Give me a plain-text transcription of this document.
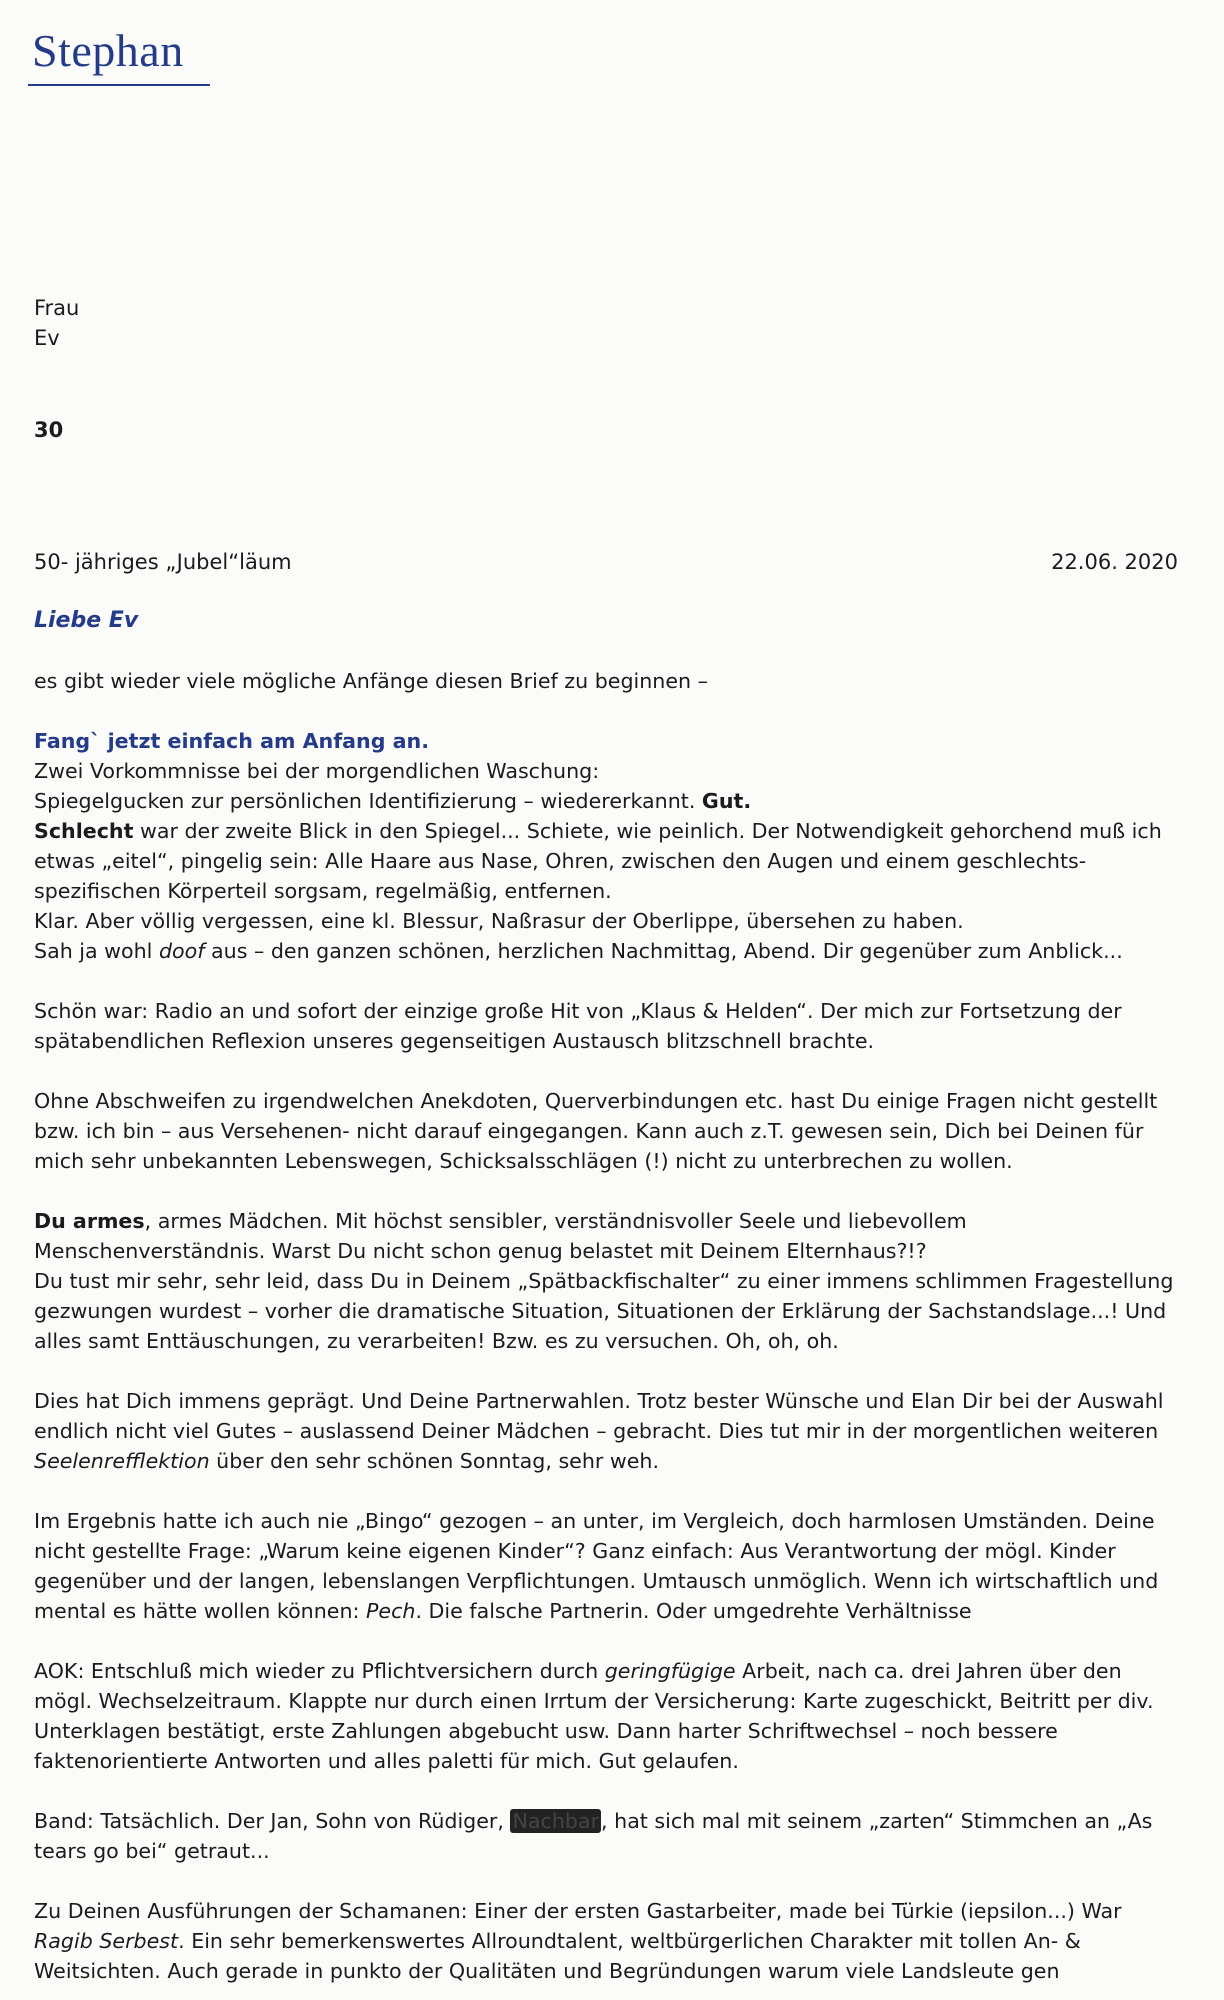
Stephan
Frau
Ev
30
50- jähriges „Jubel“läum	22.06. 2020
Liebe Ev
es gibt wieder viele mögliche Anfänge diesen Brief zu beginnen –
Fang` jetzt einfach am Anfang an.
Zwei Vorkommnisse bei der morgendlichen Waschung:
Spiegelgucken zur persönlichen Identifizierung – wiedererkannt. Gut.
Schlecht war der zweite Blick in den Spiegel... Schiete, wie peinlich. Der Notwendigkeit gehorchend muß ich etwas „eitel“, pingelig sein: Alle Haare aus Nase, Ohren, zwischen den Augen und einem geschlechts-spezifischen Körperteil sorgsam, regelmäßig, entfernen.
Klar. Aber völlig vergessen, eine kl. Blessur, Naßrasur der Oberlippe, übersehen zu haben.
Sah ja wohl doof aus – den ganzen schönen, herzlichen Nachmittag, Abend. Dir gegenüber zum Anblick...
Schön war: Radio an und sofort der einzige große Hit von „Klaus & Helden“. Der mich zur Fortsetzung der spätabendlichen Reflexion unseres gegenseitigen Austausch blitzschnell brachte.
Ohne Abschweifen zu irgendwelchen Anekdoten, Querverbindungen etc. hast Du einige Fragen nicht gestellt bzw. ich bin – aus Versehenen- nicht darauf eingegangen. Kann auch z.T. gewesen sein, Dich bei Deinen für mich sehr unbekannten Lebenswegen, Schicksalsschlägen (!) nicht zu unterbrechen zu wollen.
Du armes, armes Mädchen. Mit höchst sensibler, verständnisvoller Seele und liebevollem Menschenverständnis. Warst Du nicht schon genug belastet mit Deinem Elternhaus?!?
Du tust mir sehr, sehr leid, dass Du in Deinem „Spätbackfischalter“ zu einer immens schlimmen Fragestellung gezwungen wurdest – vorher die dramatische Situation, Situationen der Erklärung der Sachstandslage...! Und alles samt Enttäuschungen, zu verarbeiten! Bzw. es zu versuchen. Oh, oh, oh.
Dies hat Dich immens geprägt. Und Deine Partnerwahlen. Trotz bester Wünsche und Elan Dir bei der Auswahl endlich nicht viel Gutes – auslassend Deiner Mädchen – gebracht. Dies tut mir in der morgentlichen weiteren Seelenrefflektion über den sehr schönen Sonntag, sehr weh.
Im Ergebnis hatte ich auch nie „Bingo“ gezogen – an unter, im Vergleich, doch harmlosen Umständen. Deine nicht gestellte Frage: „Warum keine eigenen Kinder“? Ganz einfach: Aus Verantwortung der mögl. Kinder gegenüber und der langen, lebenslangen Verpflichtungen. Umtausch unmöglich. Wenn ich wirtschaftlich und mental es hätte wollen können: Pech. Die falsche Partnerin. Oder umgedrehte Verhältnisse
AOK: Entschluß mich wieder zu Pflichtversichern durch geringfügige Arbeit, nach ca. drei Jahren über den mögl. Wechselzeitraum. Klappte nur durch einen Irrtum der Versicherung: Karte zugeschickt, Beitritt per div. Unterklagen bestätigt, erste Zahlungen abgebucht usw. Dann harter Schriftwechsel – noch bessere faktenorientierte Antworten und alles paletti für mich. Gut gelaufen.
Band: Tatsächlich. Der Jan, Sohn von Rüdiger, Nachbar, hat sich mal mit seinem „zarten“ Stimmchen an „As tears go bei“ getraut...
Zu Deinen Ausführungen der Schamanen: Einer der ersten Gastarbeiter, made bei Türkie (iepsilon...) War Ragib Serbest. Ein sehr bemerkenswertes Allroundtalent, weltbürgerlichen Charakter mit tollen An- & Weitsichten. Auch gerade in punkto der Qualitäten und Begründungen warum viele Landsleute gen
